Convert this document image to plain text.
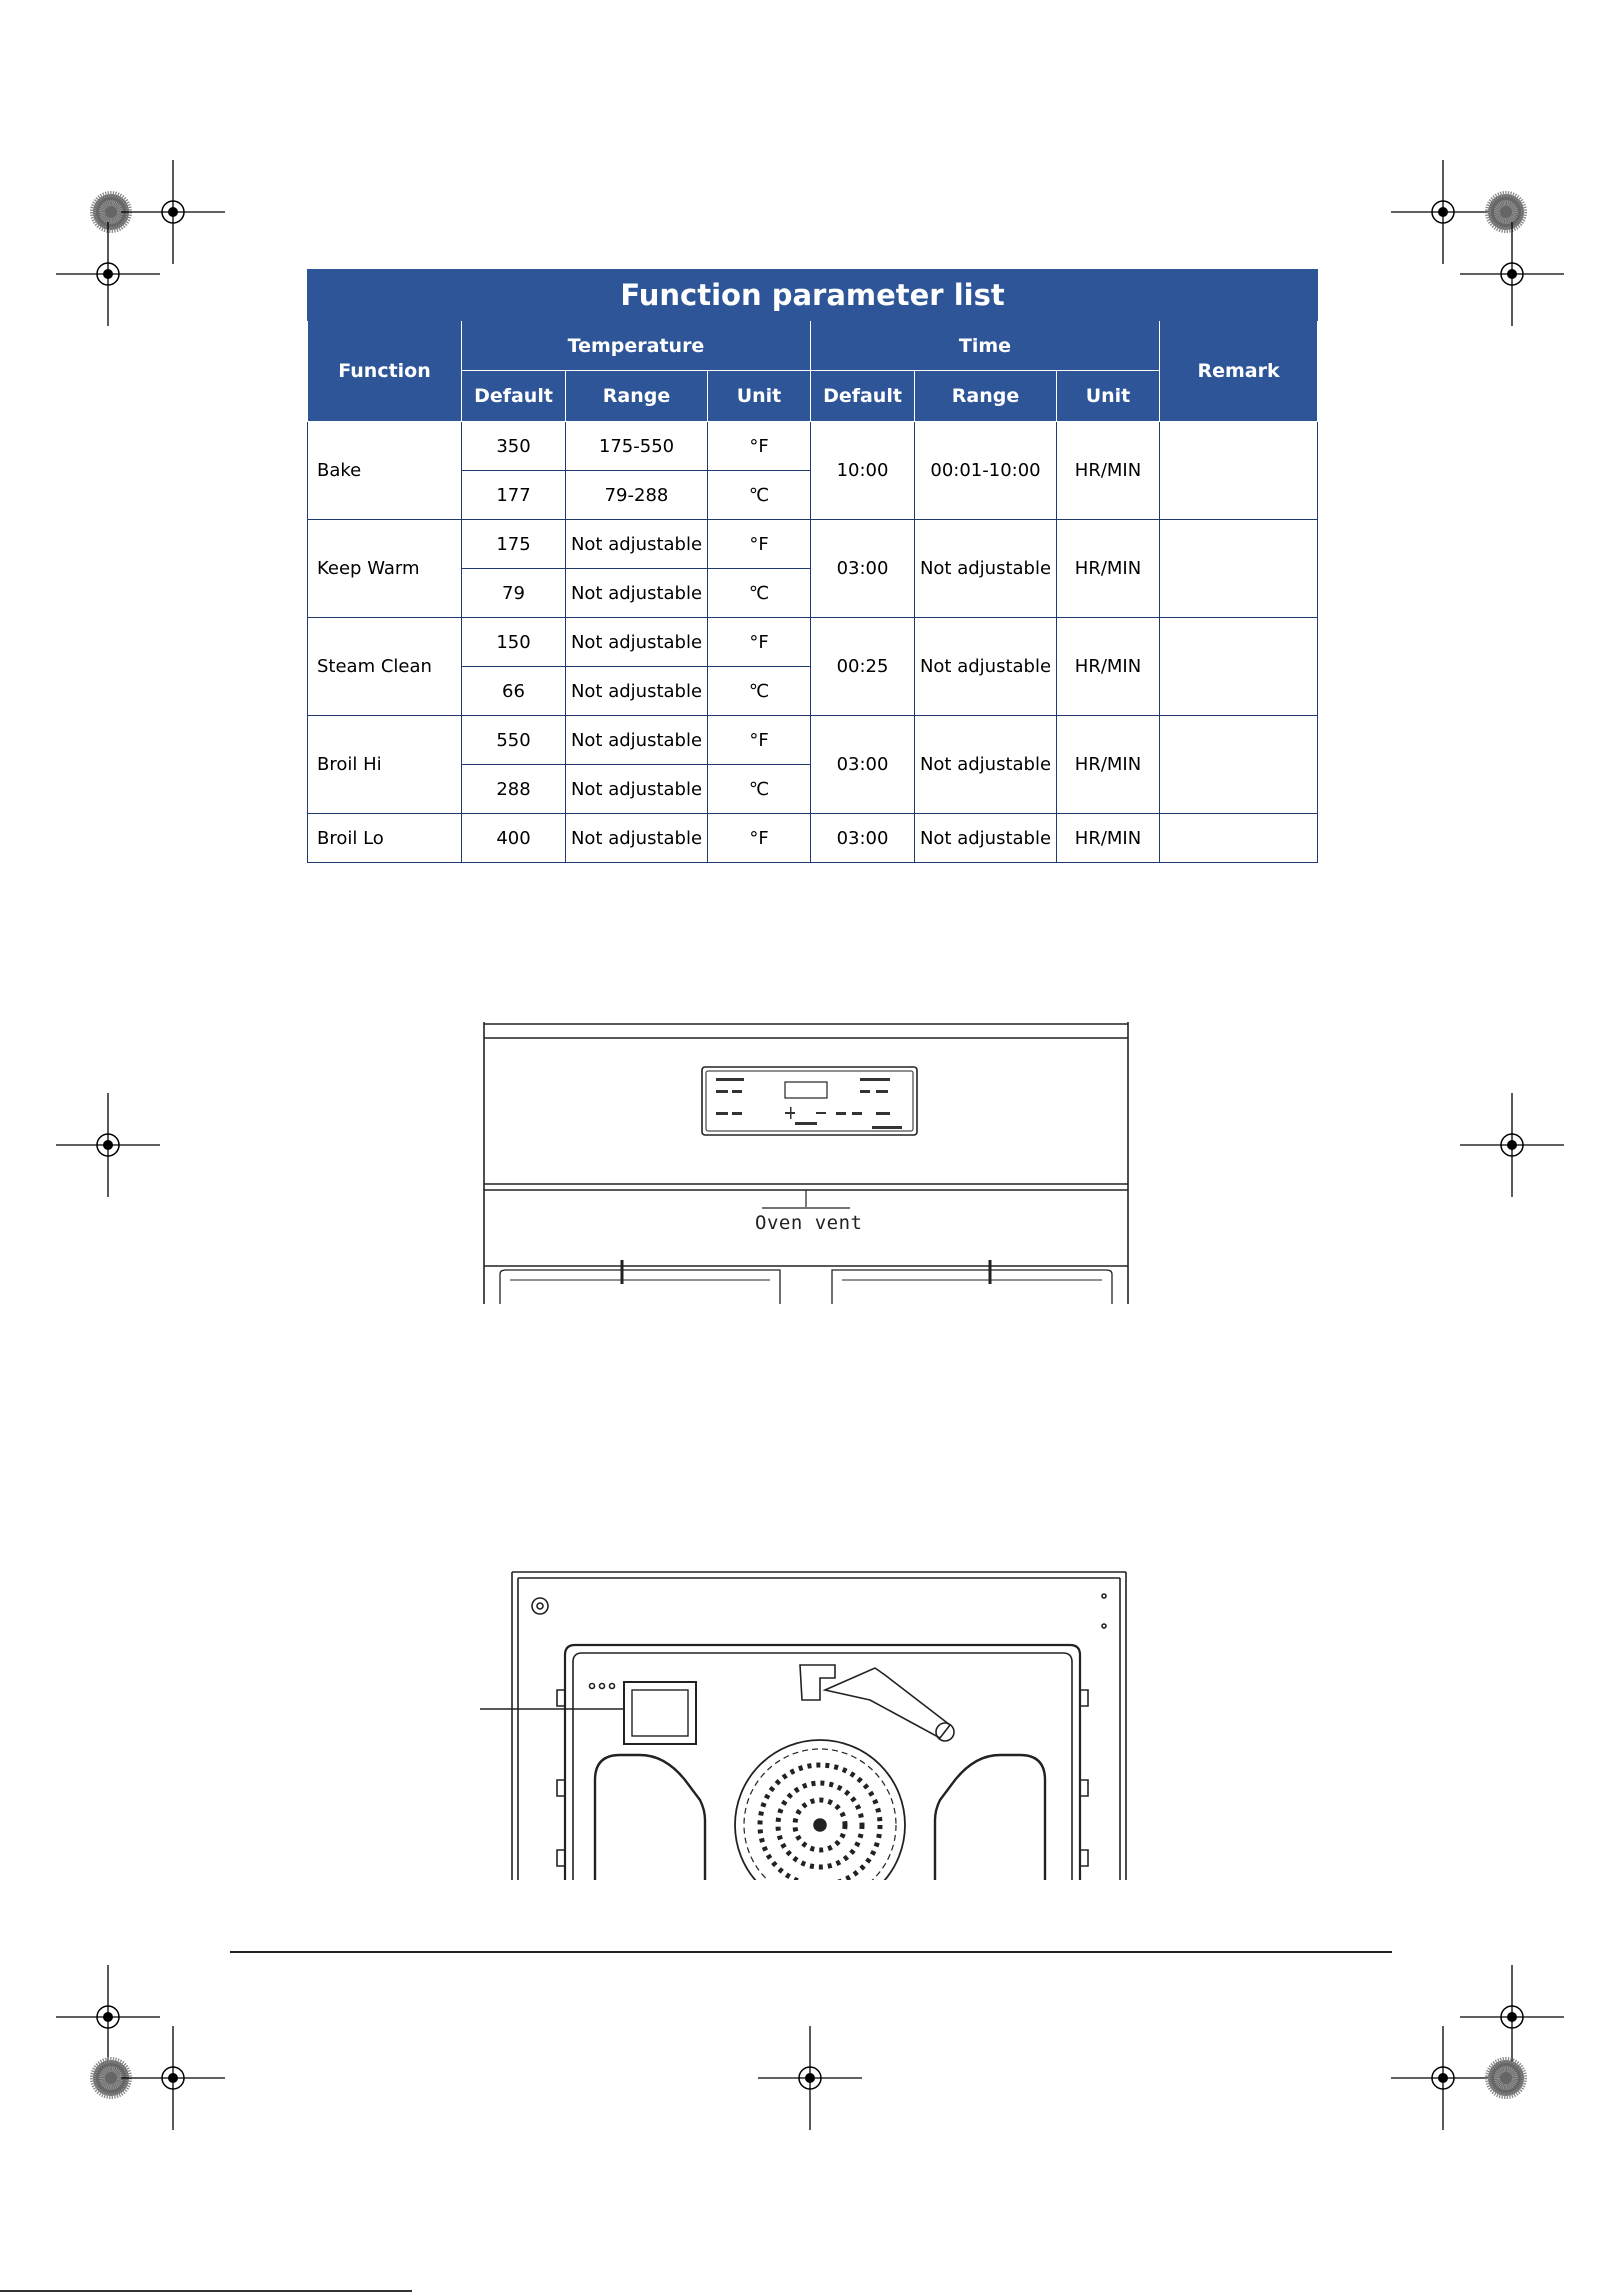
Function parameter list							
Function	Temperature			Time			Remark
	Default	Range	Unit	Default	Range	Unit	
Bake	350	175-550	°F	10:00	00:01-10:00	HR/MIN	
	177	79-288	℃				
Keep Warm	175	Not adjustable	°F	03:00	Not adjustable	HR/MIN	
	79	Not adjustable	℃				
Steam Clean	150	Not adjustable	°F	00:25	Not adjustable	HR/MIN	
	66	Not adjustable	℃				
Broil Hi	550	Not adjustable	°F	03:00	Not adjustable	HR/MIN	
	288	Not adjustable	℃				
Broil Lo	400	Not adjustable	°F	03:00	Not adjustable	HR/MIN	
Oven vent
